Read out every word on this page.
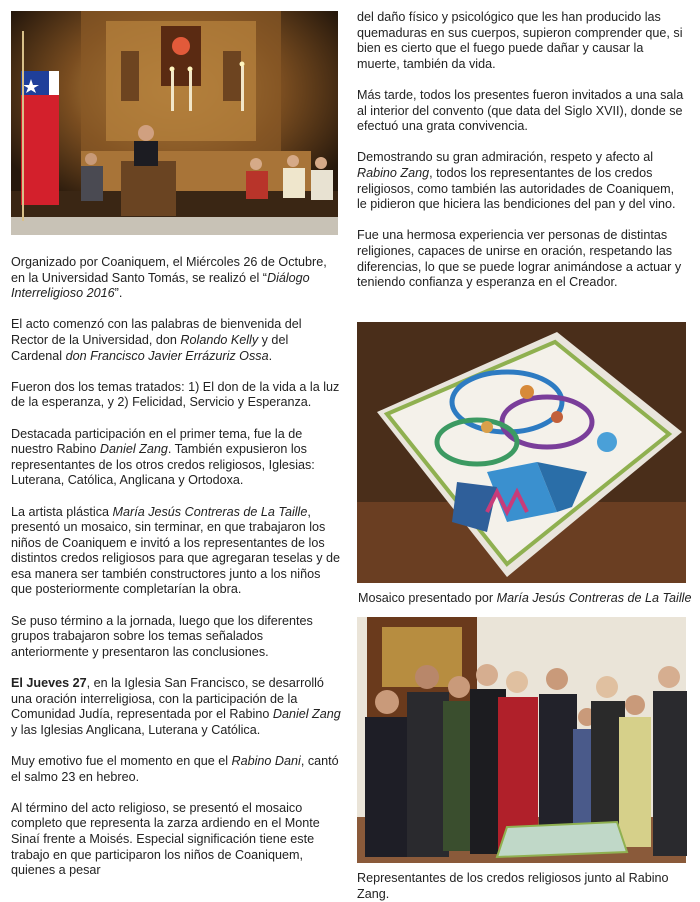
Organizado por Coaniquem, el Miércoles 26 de Octubre, en la Universidad Santo Tomás, se realizó el “Diálogo Interreligioso 2016”.

El acto comenzó con las palabras de bienvenida del Rector de la Universidad, don Rolando Kelly y del Cardenal don Francisco Javier Errázuriz Ossa.

Fueron dos los temas tratados: 1) El don de la vida a la luz de la esperanza, y 2) Felicidad, Servicio y Esperanza.

Destacada participación en el primer tema, fue la de nuestro Rabino Daniel Zang. También expusieron los representantes de los otros credos religiosos, Iglesias: Luterana, Católica, Anglicana y Ortodoxa.

La artista plástica María Jesús Contreras de La Taille, presentó un mosaico, sin terminar, en que trabajaron los niños de Coaniquem e invitó a los representantes de los distintos credos religiosos para que agregaran teselas y de esa manera ser también constructores junto a los niños que posteriormente completarían la obra.

Se puso término a la jornada, luego que los diferentes grupos trabajaron sobre los temas señalados anteriormente y presentaron las conclusiones.

El Jueves 27, en la Iglesia San Francisco, se desarrolló una oración interreligiosa, con la participación de la Comunidad Judía, representada por el Rabino Daniel Zang y las Iglesias Anglicana, Luterana y Católica.

Muy emotivo fue el momento en que el Rabino Dani, cantó el salmo 23 en hebreo.

Al término del acto religioso, se presentó el mosaico completo que representa la zarza ardiendo en el Monte Sinaí frente a Moisés. Especial significación tiene este trabajo en que participaron los niños de Coaniquem, quienes a pesar

del daño físico y psicológico que les han producido las quemaduras en sus cuerpos, supieron comprender que, si bien es cierto que el fuego puede dañar y causar la muerte, también da vida.

Más tarde, todos los presentes fueron invitados a una sala al interior del convento (que data del Siglo XVII), donde se efectuó una grata convivencia.

Demostrando su gran admiración, respeto y afecto al Rabino Zang, todos los representantes de los credos religiosos, como también las autoridades de Coaniquem, le pidieron que hiciera las bendiciones del pan y del vino.

Fue una hermosa experiencia ver personas de distintas religiones, capaces de unirse en oración, respetando las diferencias, lo que se puede lograr animándose a actuar y teniendo confianza y esperanza en el Creador.

Mosaico presentado por María Jesús Contreras de La Taille
Representantes de los credos religiosos junto al Rabino Zang.
